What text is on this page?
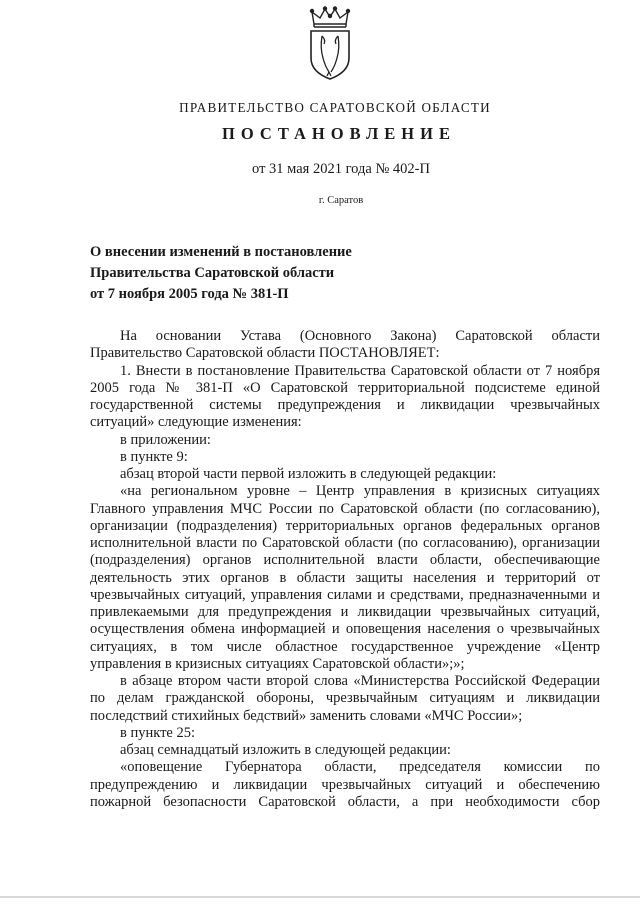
ПРАВИТЕЛЬСТВО САРАТОВСКОЙ ОБЛАСТИ
ПОСТАНОВЛЕНИЕ
от 31 мая 2021 года № 402-П
г. Саратов
О внесении изменений в постановление
Правительства Саратовской области
от 7 ноября 2005 года № 381-П

На основании Устава (Основного Закона) Саратовской области Правительство Саратовской области ПОСТАНОВЛЯЕТ:

1. Внести в постановление Правительства Саратовской области от 7 ноября 2005 года № 381-П «О Саратовской территориальной подсистеме единой государственной системы предупреждения и ликвидации чрезвычайных ситуаций» следующие изменения:

в приложении:

в пункте 9:

абзац второй части первой изложить в следующей редакции:

«на региональном уровне – Центр управления в кризисных ситуациях Главного управления МЧС России по Саратовской области (по согласованию), организации (подразделения) территориальных органов федеральных органов исполнительной власти по Саратовской области (по согласованию), организации (подразделения) органов исполнительной власти области, обеспечивающие деятельность этих органов в области защиты населения и территорий от чрезвычайных ситуаций, управления силами и средствами, предназначенными и привлекаемыми для предупреждения и ликвидации чрезвычайных ситуаций, осуществления обмена информацией и оповещения населения о чрезвычайных ситуациях, в том числе областное государственное учреждение «Центр управления в кризисных ситуациях Саратовской области»;»;

в абзаце втором части второй слова «Министерства Российской Федерации по делам гражданской обороны, чрезвычайным ситуациям и ликвидации последствий стихийных бедствий» заменить словами «МЧС России»;

в пункте 25:

абзац семнадцатый изложить в следующей редакции:

«оповещение Губернатора области, председателя комиссии по предупреждению и ликвидации чрезвычайных ситуаций и обеспечению пожарной безопасности Саратовской области, а при необходимости сбор
